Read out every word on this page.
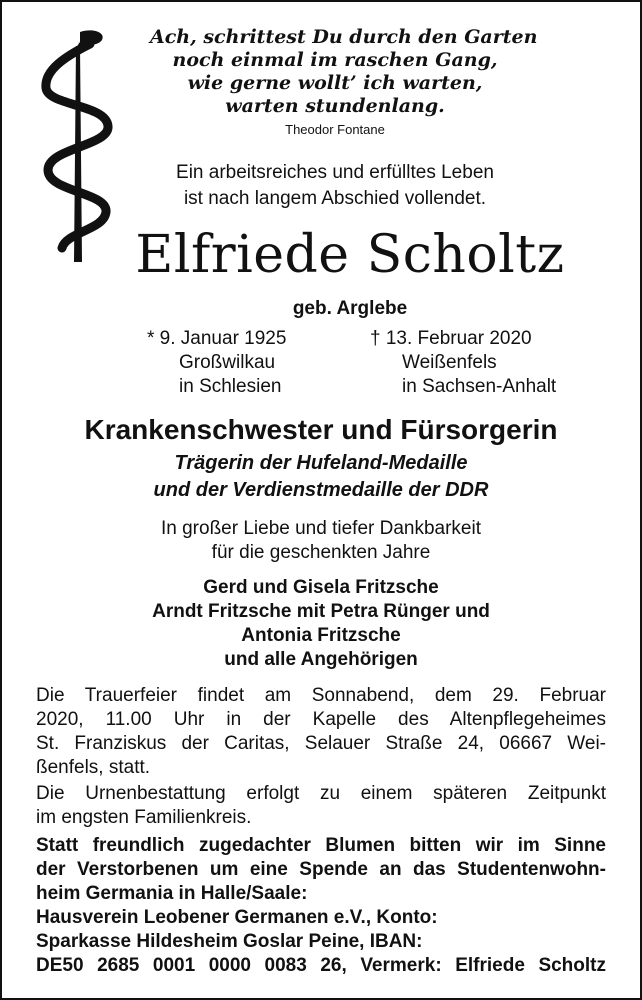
Ach, schrittest Du durch den Garten
noch einmal im raschen Gang,
wie gerne wollt’ ich warten,
warten stundenlang.
Theodor Fontane
Ein arbeitsreiches und erfülltes Leben
ist nach langem Abschied vollendet.
Elfriede Scholtz
geb. Arglebe
* 9. Januar 1925
Großwilkau
in Schlesien
† 13. Februar 2020
Weißenfels
in Sachsen-Anhalt
Krankenschwester und Fürsorgerin
Trägerin der Hufeland-Medaille
und der Verdienstmedaille der DDR
In großer Liebe und tiefer Dankbarkeit
für die geschenkten Jahre
Gerd und Gisela Fritzsche
Arndt Fritzsche mit Petra Rünger und
Antonia Fritzsche
und alle Angehörigen
Die Trauerfeier findet am Sonnabend, dem 29. Februar
2020, 11.00 Uhr in der Kapelle des Altenpflegeheimes
St. Franziskus der Caritas, Selauer Straße 24, 06667 Wei-
ßenfels, statt.
Die Urnenbestattung erfolgt zu einem späteren Zeitpunkt
im engsten Familienkreis.
Statt freundlich zugedachter Blumen bitten wir im Sinne
der Verstorbenen um eine Spende an das Studentenwohn-
heim Germania in Halle/Saale:
Hausverein Leobener Germanen e.V., Konto:
Sparkasse Hildesheim Goslar Peine, IBAN:
DE50 2685 0001 0000 0083 26, Vermerk: Elfriede Scholtz
